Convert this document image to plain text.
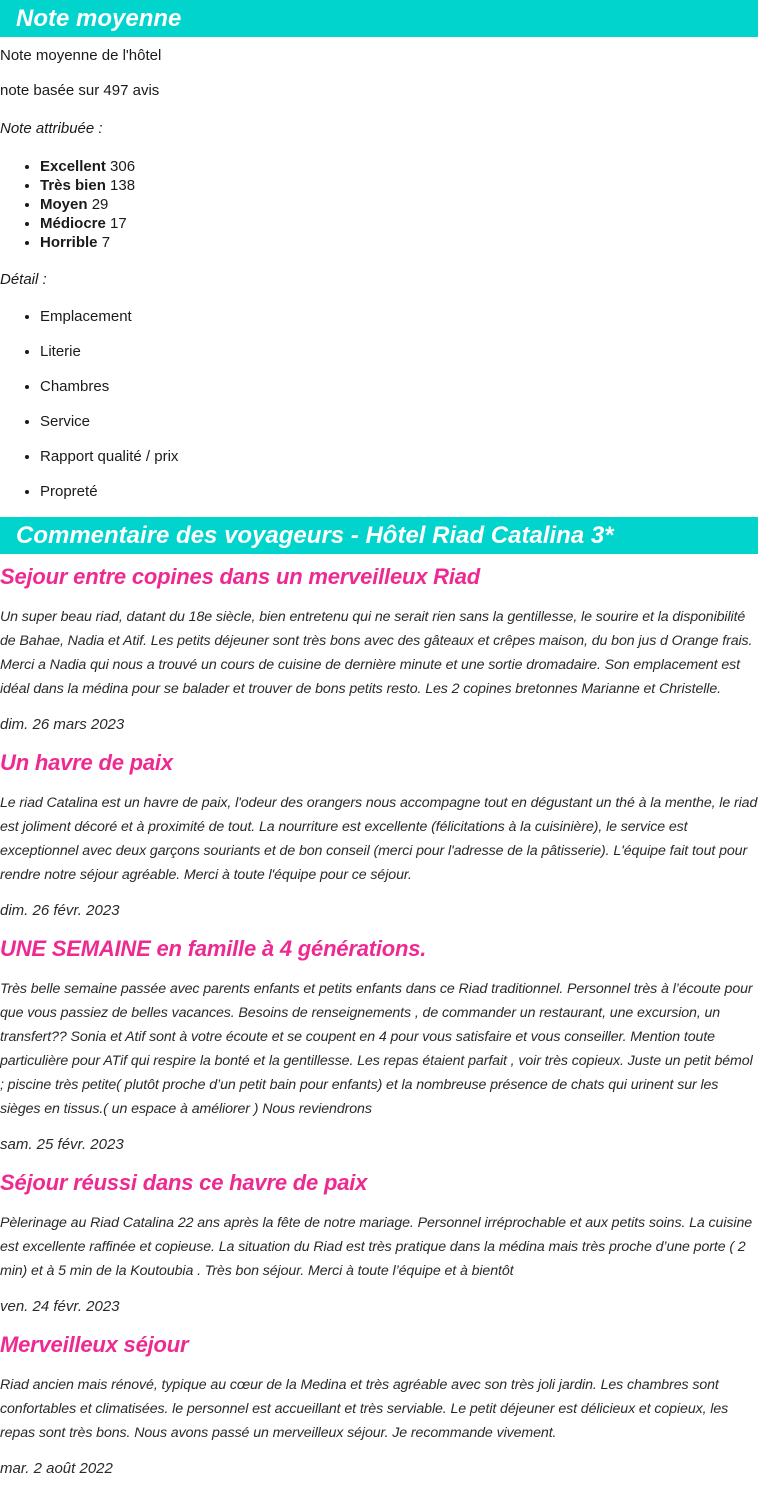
Note moyenne

Note moyenne de l'hôtel

note basée sur 497 avis

Note attribuée :

• Excellent 306
• Très bien 138
• Moyen 29
• Médiocre 17
• Horrible 7

Détail :

• Emplacement
• Literie
• Chambres
• Service
• Rapport qualité / prix
• Propreté
Commentaire des voyageurs - Hôtel Riad Catalina 3*
Sejour entre copines dans un merveilleux Riad

Un super beau riad, datant du 18e siècle, bien entretenu qui ne serait rien sans la gentillesse, le sourire et la disponibilité de Bahae, Nadia et Atif. Les petits déjeuner sont très bons avec des gâteaux et crêpes maison, du bon jus d Orange frais. Merci a Nadia qui nous a trouvé un cours de cuisine de dernière minute et une sortie dromadaire. Son emplacement est idéal dans la médina pour se balader et trouver de bons petits resto. Les 2 copines bretonnes Marianne et Christelle.

dim. 26 mars 2023

Un havre de paix

Le riad Catalina est un havre de paix, l'odeur des orangers nous accompagne tout en dégustant un thé à la menthe, le riad est joliment décoré et à proximité de tout. La nourriture est excellente (félicitations à la cuisinière), le service est exceptionnel avec deux garçons souriants et de bon conseil (merci pour l'adresse de la pâtisserie). L'équipe fait tout pour rendre notre séjour agréable. Merci à toute l'équipe pour ce séjour.

dim. 26 févr. 2023

UNE SEMAINE en famille à 4 générations.

Très belle semaine passée avec parents enfants et petits enfants dans ce Riad traditionnel. Personnel très à l’écoute pour que vous passiez de belles vacances. Besoins de renseignements , de commander un restaurant, une excursion, un transfert?? Sonia et Atif sont à votre écoute et se coupent en 4 pour vous satisfaire et vous conseiller. Mention toute particulière pour ATif qui respire la bonté et la gentillesse. Les repas étaient parfait , voir très copieux. Juste un petit bémol ; piscine très petite( plutôt proche d’un petit bain pour enfants) et la nombreuse présence de chats qui urinent sur les sièges en tissus.( un espace à améliorer ) Nous reviendrons

sam. 25 févr. 2023

Séjour réussi dans ce havre de paix

Pèlerinage au Riad Catalina 22 ans après la fête de notre mariage. Personnel irréprochable et aux petits soins. La cuisine est excellente raffinée et copieuse. La situation du Riad est très pratique dans la médina mais très proche d’une porte ( 2 min) et à 5 min de la Koutoubia . Très bon séjour. Merci à toute l’équipe et à bientôt

ven. 24 févr. 2023

Merveilleux séjour

Riad ancien mais rénové, typique au cœur de la Medina et très agréable avec son très joli jardin. Les chambres sont confortables et climatisées. le personnel est accueillant et très serviable. Le petit déjeuner est délicieux et copieux, les repas sont très bons. Nous avons passé un merveilleux séjour. Je recommande vivement.

mar. 2 août 2022
